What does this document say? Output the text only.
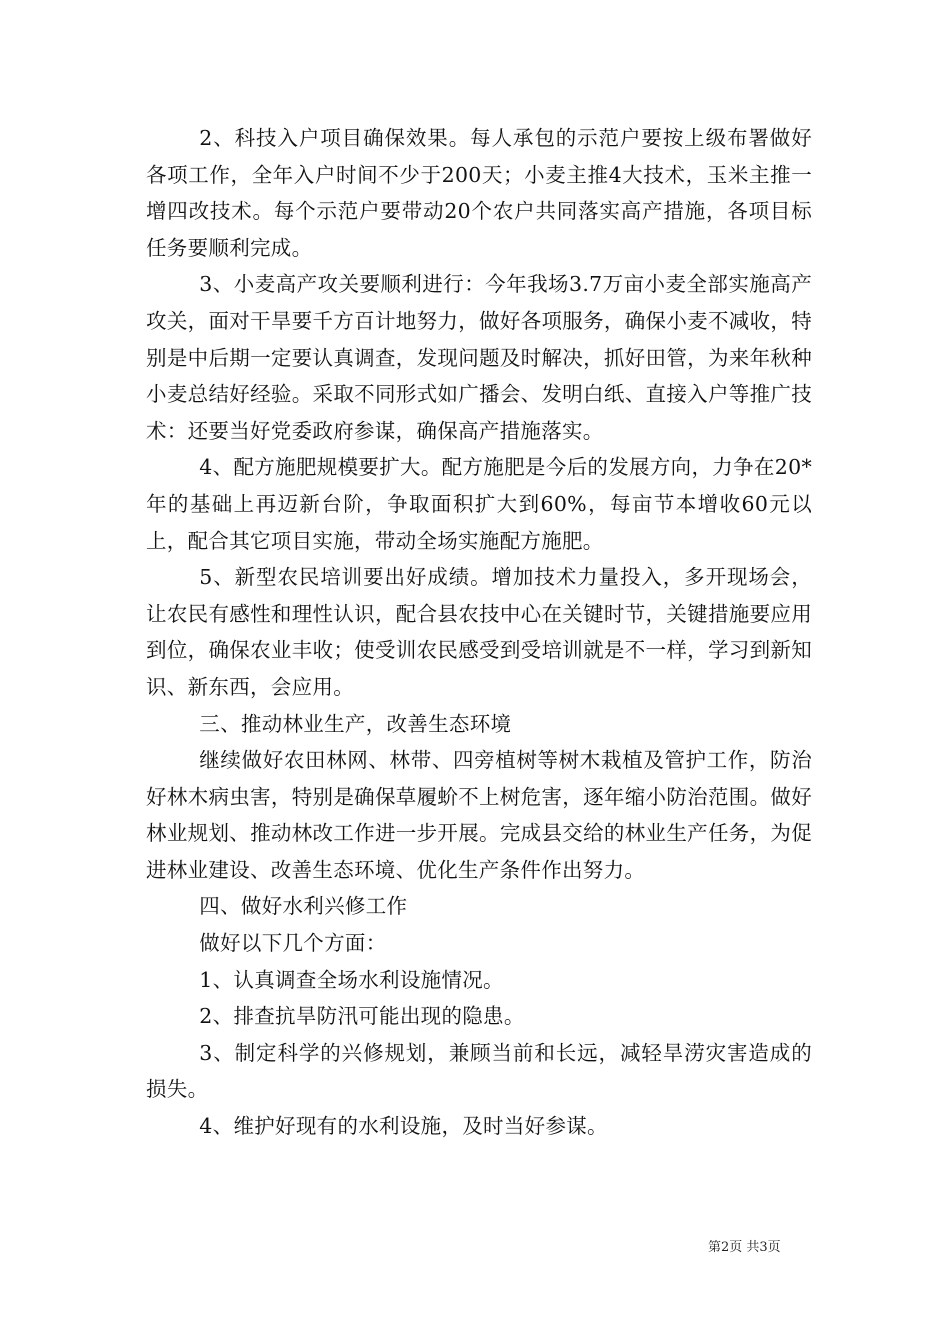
2、科技入户项目确保效果。每人承包的示范户要按上级布署做好各项工作，全年入户时间不少于200天；小麦主推4大技术，玉米主推一增四改技术。每个示范户要带动20个农户共同落实高产措施，各项目标任务要顺利完成。

3、小麦高产攻关要顺利进行：今年我场3.7万亩小麦全部实施高产攻关，面对干旱要千方百计地努力，做好各项服务，确保小麦不减收，特别是中后期一定要认真调查，发现问题及时解决，抓好田管，为来年秋种小麦总结好经验。采取不同形式如广播会、发明白纸、直接入户等推广技术：还要当好党委政府参谋，确保高产措施落实。

4、配方施肥规模要扩大。配方施肥是今后的发展方向，力争在20*年的基础上再迈新台阶，争取面积扩大到60%，每亩节本增收60元以上，配合其它项目实施，带动全场实施配方施肥。

5、新型农民培训要出好成绩。增加技术力量投入，多开现场会，让农民有感性和理性认识，配合县农技中心在关键时节，关键措施要应用到位，确保农业丰收；使受训农民感受到受培训就是不一样，学习到新知识、新东西，会应用。

三、推动林业生产，改善生态环境

继续做好农田林网、林带、四旁植树等树木栽植及管护工作，防治好林木病虫害，特别是确保草履蚧不上树危害，逐年缩小防治范围。做好林业规划、推动林改工作进一步开展。完成县交给的林业生产任务，为促进林业建设、改善生态环境、优化生产条件作出努力。

四、做好水利兴修工作

做好以下几个方面：

1、认真调查全场水利设施情况。

2、排查抗旱防汛可能出现的隐患。

3、制定科学的兴修规划，兼顾当前和长远，减轻旱涝灾害造成的损失。

4、维护好现有的水利设施，及时当好参谋。

第2页 共3页
